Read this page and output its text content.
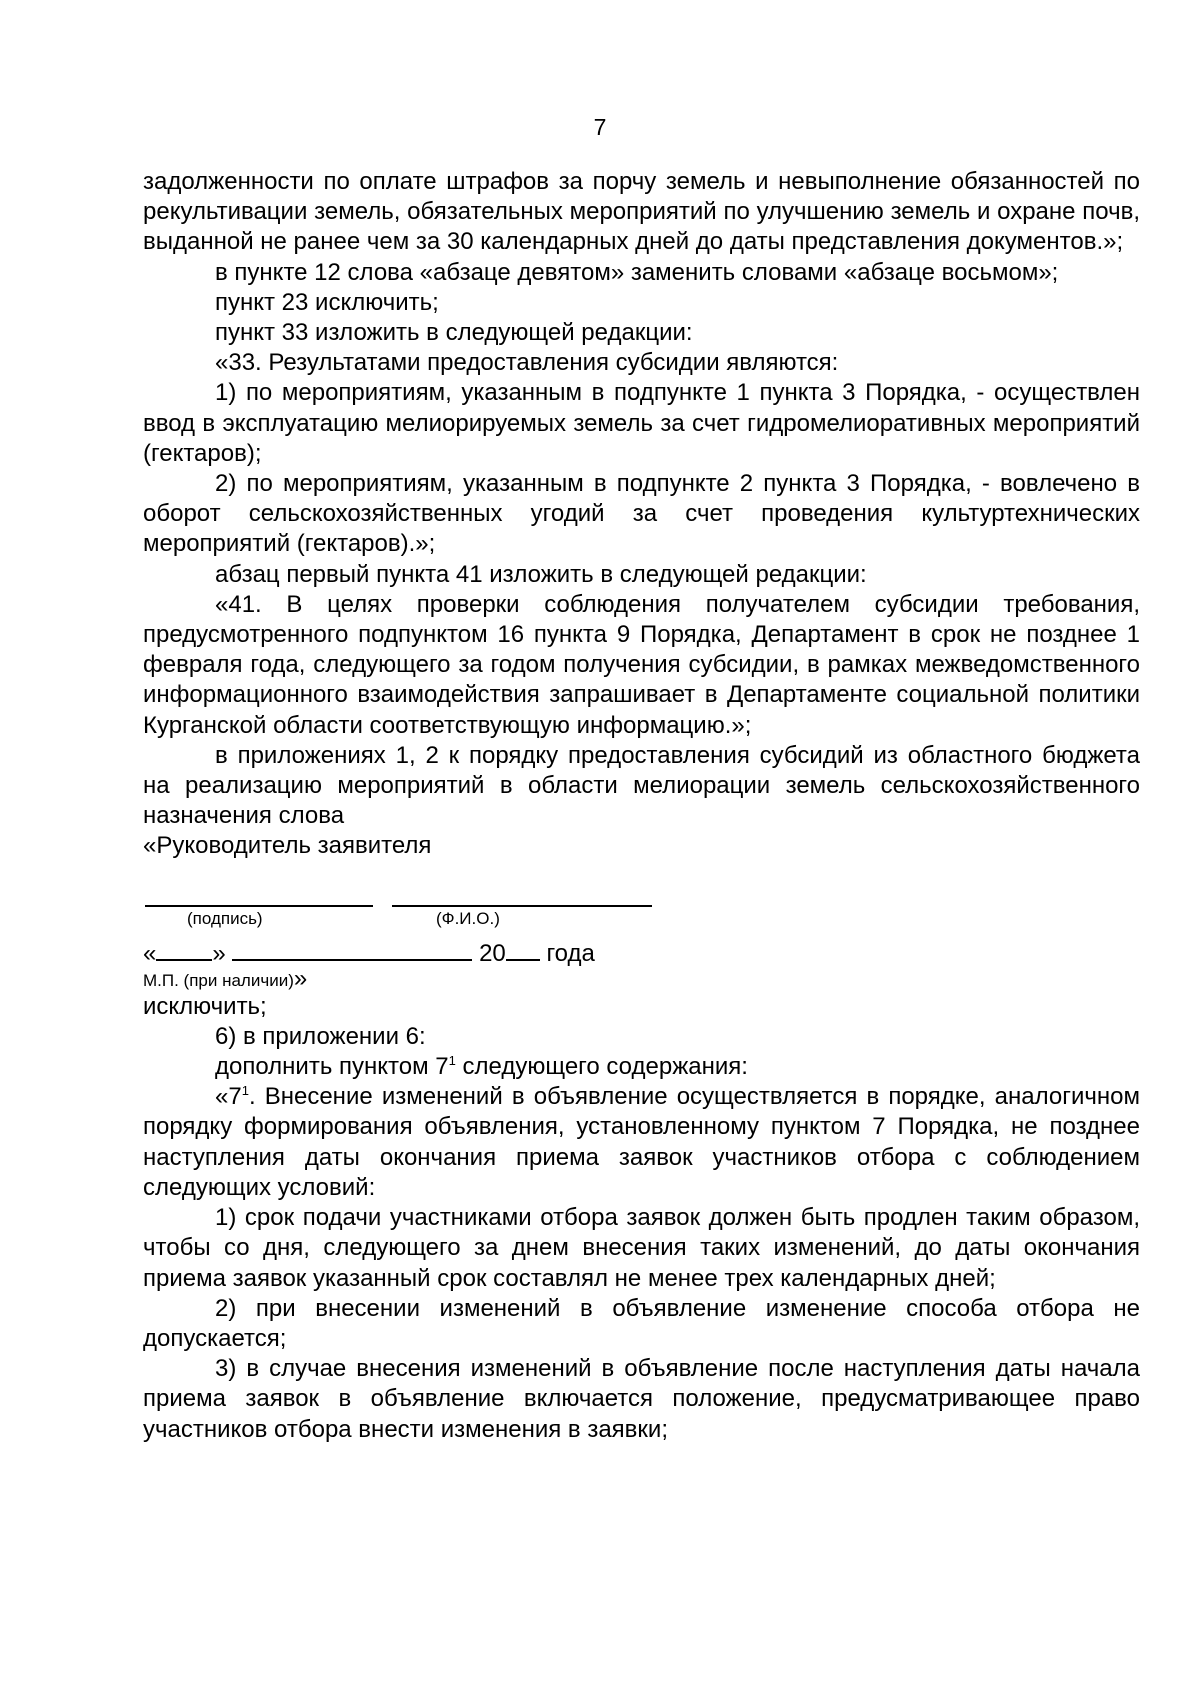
7

задолженности по оплате штрафов за порчу земель и невыполнение обязанностей по рекультивации земель, обязательных мероприятий по улучшению земель и охране почв, выданной не ранее чем за 30 календарных дней до даты представления документов.»;

в пункте 12 слова «абзаце девятом» заменить словами «абзаце восьмом»;

пункт 23 исключить;

пункт 33 изложить в следующей редакции:

«33. Результатами предоставления субсидии являются:

1) по мероприятиям, указанным в подпункте 1 пункта 3 Порядка, - осуществлен ввод в эксплуатацию мелиорируемых земель за счет гидромелиоративных мероприятий (гектаров);

2) по мероприятиям, указанным в подпункте 2 пункта 3 Порядка, - вовлечено в оборот сельскохозяйственных угодий за счет проведения культуртехнических мероприятий (гектаров).»;

абзац первый пункта 41 изложить в следующей редакции:

«41. В целях проверки соблюдения получателем субсидии требования, предусмотренного подпунктом 16 пункта 9 Порядка, Департамент в срок не позднее 1 февраля года, следующего за годом получения субсидии, в рамках межведомственного информационного взаимодействия запрашивает в Департаменте социальной политики Курганской области соответствующую информацию.»;

в приложениях 1, 2 к порядку предоставления субсидий из областного бюджета на реализацию мероприятий в области мелиорации земель сельскохозяйственного назначения слова

«Руководитель заявителя

(подпись)	(Ф.И.О.)
« »	20 года
М.П. (при наличии)»

исключить;

6) в приложении 6:

дополнить пунктом $7^1$ следующего содержания:

«$7^1$. Внесение изменений в объявление осуществляется в порядке, аналогичном порядку формирования объявления, установленному пунктом 7 Порядка, не позднее наступления даты окончания приема заявок участников отбора с соблюдением следующих условий:

1) срок подачи участниками отбора заявок должен быть продлен таким образом, чтобы со дня, следующего за днем внесения таких изменений, до даты окончания приема заявок указанный срок составлял не менее трех календарных дней;

2) при внесении изменений в объявление изменение способа отбора не допускается;

3) в случае внесения изменений в объявление после наступления даты начала приема заявок в объявление включается положение, предусматривающее право участников отбора внести изменения в заявки;
